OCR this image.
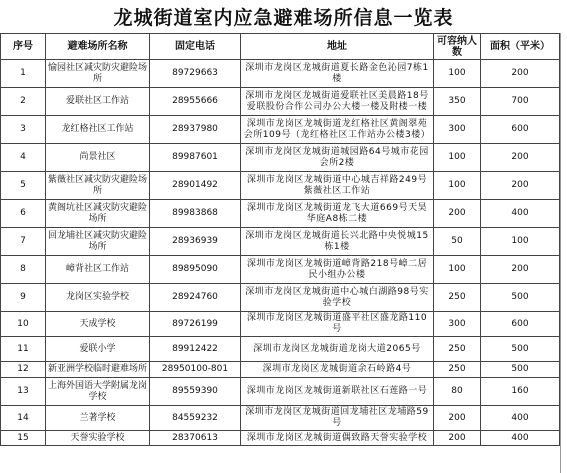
龙城街道室内应急避难场所信息一览表
序号	避难场所名称	固定电话	地址	可容纳人数	面积（平米）
1	愉园社区减灾防灾避险场所	89729663	深圳市龙岗区龙城街道夏长路金色沁园7栋1楼	100	200
2	爱联社区工作站	28955666	深圳市龙岗区龙城街道爱联社区美晨路18号爱联股份合作公司办公大楼一楼及附楼一楼	350	700
3	龙红格社区工作站	28937980	深圳市龙岗区龙城街道龙红格社区黄阁翠苑会所109号（龙红格社区工作站办公楼3楼）	300	600
4	尚景社区	89987601	深圳市龙岗区龙城街道城园路64号城市花园会所2楼	100	200
5	紫薇社区减灾防灾避险场所	28901492	深圳市龙岗区龙城街道中心城吉祥路249号紫薇社区工作站	100	200
6	黄阁坑社区减灾防灾避险场所	89983868	深圳市龙岗区龙城街道龙飞大道669号天昊华庭A8栋二楼	200	400
7	回龙埔社区减灾防灾避险场所	28936939	深圳市龙岗区龙城街道长兴北路中央悦城15栋1楼	50	100
8	嶂背社区工作站	89895090	深圳市龙岗区龙城街道嶂背路218号嶂二居民小组办公楼	100	200
9	龙岗区实验学校	28924760	深圳市龙岗区龙城街道中心城白湖路98号实验学校	250	500
10	天成学校	89726199	深圳市龙岗区龙城街道盛平社区盛龙路110号	300	600
11	爱联小学	89912422	深圳市龙岗区龙城街道龙岗大道2065号	250	500
12	新亚洲学校临时避难场所	28950100-801	深圳市龙岗区龙城街道余石岭路4号	250	500
13	上海外国语大学附属龙岗学校	89559390	深圳市龙岗区龙城街道新联社区石莲路一号	80	160
14	兰著学校	84559232	深圳市龙岗区龙城街道回龙埔社区龙埔路59号	200	400
15	天誉实验学校	28370613	深圳市龙岗区龙城街道偶致路天誉实验学校	200	400
